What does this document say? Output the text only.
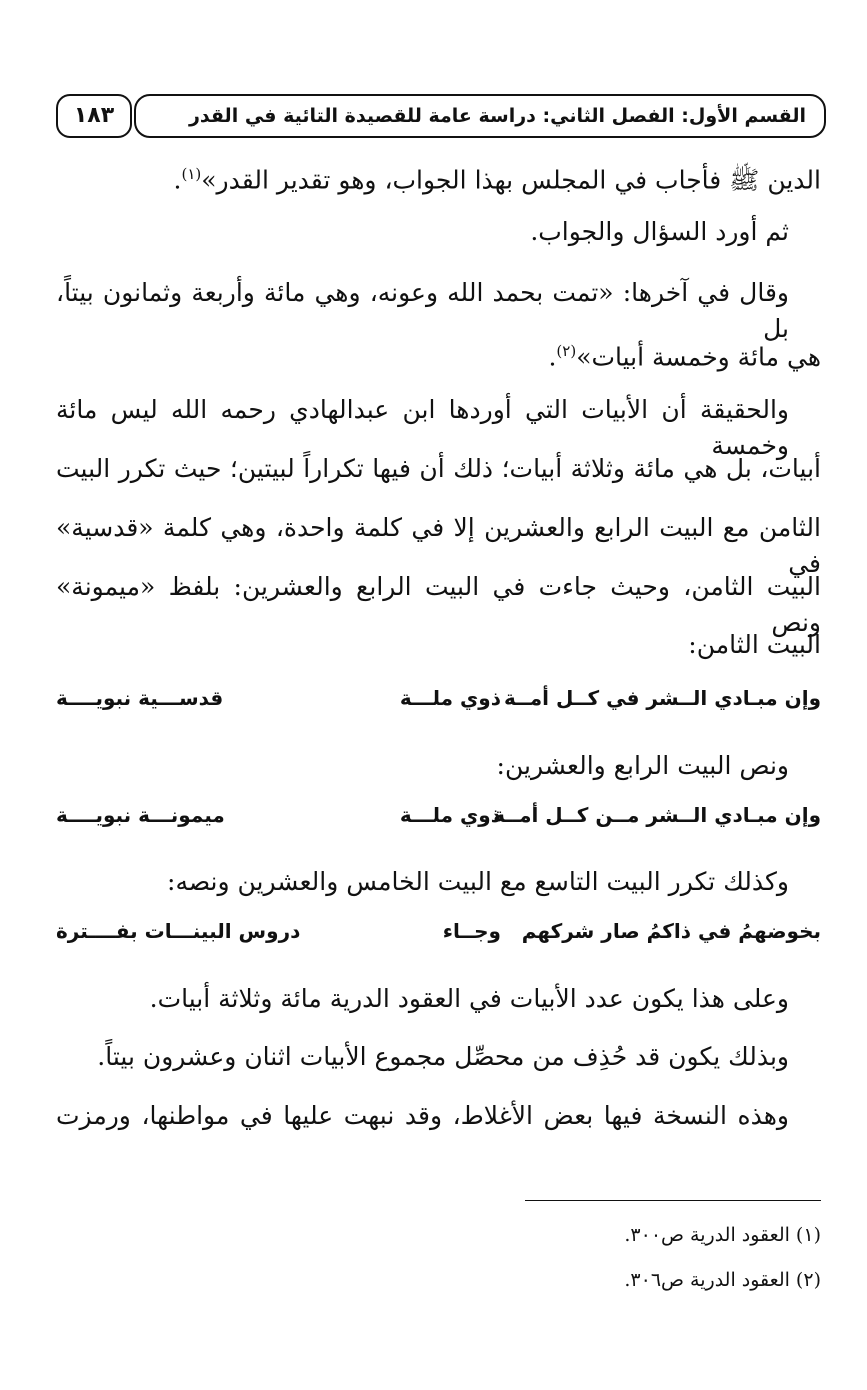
القسم الأول: الفصل الثاني: دراسة عامة للقصيدة التائية في القدر
١٨٣
الدين ﷺ فأجاب في المجلس بهذا الجواب، وهو تقدير القدر»$^{(١)}$.
ثم أورد السؤال والجواب.
وقال في آخرها: «تمت بحمد الله وعونه، وهي مائة وأربعة وثمانون بيتاً، بل
هي مائة وخمسة أبيات»$^{(٢)}$.
والحقيقة أن الأبيات التي أوردها ابن عبدالهادي رحمه الله ليس مائة وخمسة
أبيات، بل هي مائة وثلاثة أبيات؛ ذلك أن فيها تكراراً لبيتين؛ حيث تكرر البيت
الثامن مع البيت الرابع والعشرين إلا في كلمة واحدة، وهي كلمة «قدسية» في
البيت الثامن، وحيث جاءت في البيت الرابع والعشرين: بلفظ «ميمونة» ونص
البيت الثامن:
وإن مبـادي الــشر في كــل أمــة
ذوي ملـــة
قدســـية نبويــــة
ونص البيت الرابع والعشرين:
وإن مبـادي الــشر مــن كــل أمــة
ذوي ملـــة
ميمونـــة نبويــــة
وكذلك تكرر البيت التاسع مع البيت الخامس والعشرين ونصه:
بخوضهمُ في ذاكمُ صار شركهم
وجــاء
دروس البينـــات بفــــترة
وعلى هذا يكون عدد الأبيات في العقود الدرية مائة وثلاثة أبيات.
وبذلك يكون قد حُذِف من محصِّل مجموع الأبيات اثنان وعشرون بيتاً.
وهذه النسخة فيها بعض الأغلاط، وقد نبهت عليها في مواطنها، ورمزت
(١) العقود الدرية ص٣٠٠.
(٢) العقود الدرية ص٣٠٦.
